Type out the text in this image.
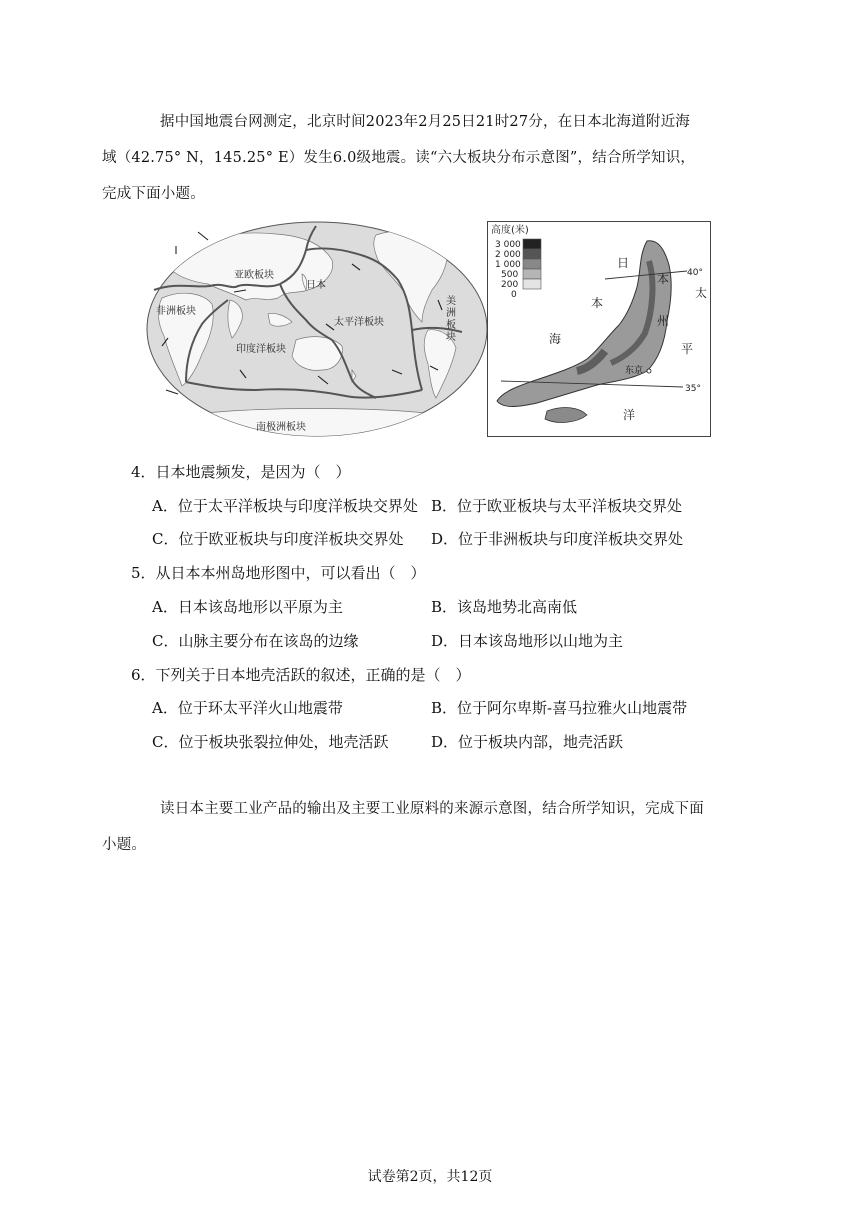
据中国地震台网测定，北京时间2023年2月25日21时27分，在日本北海道附近海
域（42.75° N，145.25° E）发生6.0级地震。读“六大板块分布示意图”，结合所学知识，
完成下面小题。
亚欧板块
非洲板块
印度洋板块
太平洋板块
日本
美
洲
板
块
南极洲板块
高度(米)
3 000
2 000
1 000
500
200
0
40°
35°
日
本
海
太
平
洋
本
州
东京
4．日本地震频发，是因为（　）
A．位于太平洋板块与印度洋板块交界处 B．位于欧亚板块与太平洋板块交界处
C．位于欧亚板块与印度洋板块交界处 D．位于非洲板块与印度洋板块交界处
5．从日本本州岛地形图中，可以看出（　）
A．日本该岛地形以平原为主	B．该岛地势北高南低
C．山脉主要分布在该岛的边缘	D．日本该岛地形以山地为主
6．下列关于日本地壳活跃的叙述，正确的是（　）
A．位于环太平洋火山地震带	B．位于阿尔卑斯-喜马拉雅火山地震带
C．位于板块张裂拉伸处，地壳活跃	D．位于板块内部，地壳活跃
读日本主要工业产品的输出及主要工业原料的来源示意图，结合所学知识，完成下面
小题。
试卷第2页，共12页
